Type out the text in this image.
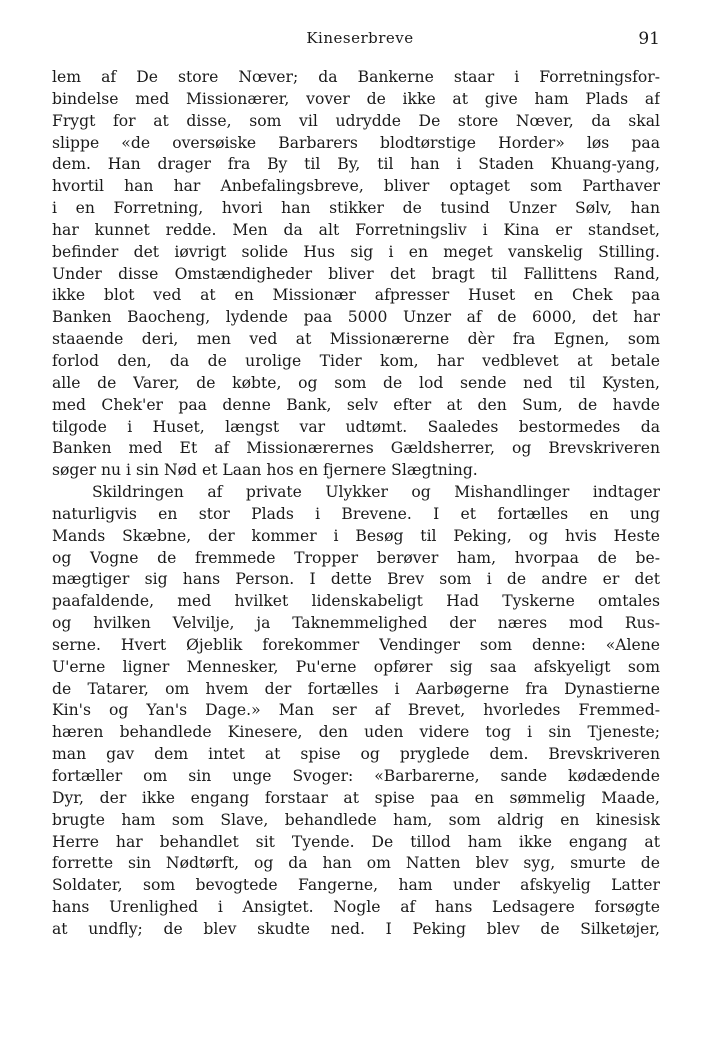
Kineserbreve	91
lem af De store Nœver; da Bankerne staar i Forretningsfor-
bindelse med Missionærer, vover de ikke at give ham Plads af
Frygt for at disse, som vil udrydde De store Nœver, da skal
slippe «de oversøiske Barbarers blodtørstige Horder» løs paa
dem. Han drager fra By til By, til han i Staden Khuang-yang,
hvortil han har Anbefalingsbreve, bliver optaget som Parthaver
i en Forretning, hvori han stikker de tusind Unzer Sølv, han
har kunnet redde. Men da alt Forretningsliv i Kina er standset,
befinder det iøvrigt solide Hus sig i en meget vanskelig Stilling.
Under disse Omstændigheder bliver det bragt til Fallittens Rand,
ikke blot ved at en Missionær afpresser Huset en Chek paa
Banken Baocheng, lydende paa 5000 Unzer af de 6000, det har
staaende deri, men ved at Missionærerne dèr fra Egnen, som
forlod den, da de urolige Tider kom, har vedblevet at betale
alle de Varer, de købte, og som de lod sende ned til Kysten,
med Chek'er paa denne Bank, selv efter at den Sum, de havde
tilgode i Huset, længst var udtømt. Saaledes bestormedes da
Banken med Et af Missionærernes Gældsherrer, og Brevskriveren
søger nu i sin Nød et Laan hos en fjernere Slægtning.
Skildringen af private Ulykker og Mishandlinger indtager
naturligvis en stor Plads i Brevene. I et fortælles en ung
Mands Skæbne, der kommer i Besøg til Peking, og hvis Heste
og Vogne de fremmede Tropper berøver ham, hvorpaa de be-
mægtiger sig hans Person. I dette Brev som i de andre er det
paafaldende, med hvilket lidenskabeligt Had Tyskerne omtales
og hvilken Velvilje, ja Taknemmelighed der næres mod Rus-
serne. Hvert Øjeblik forekommer Vendinger som denne: «Alene
U'erne ligner Mennesker, Pu'erne opfører sig saa afskyeligt som
de Tatarer, om hvem der fortælles i Aarbøgerne fra Dynastierne
Kin's og Yan's Dage.» Man ser af Brevet, hvorledes Fremmed-
hæren behandlede Kinesere, den uden videre tog i sin Tjeneste;
man gav dem intet at spise og pryglede dem. Brevskriveren
fortæller om sin unge Svoger: «Barbarerne, sande kødædende
Dyr, der ikke engang forstaar at spise paa en sømmelig Maade,
brugte ham som Slave, behandlede ham, som aldrig en kinesisk
Herre har behandlet sit Tyende. De tillod ham ikke engang at
forrette sin Nødtørft, og da han om Natten blev syg, smurte de
Soldater, som bevogtede Fangerne, ham under afskyelig Latter
hans Urenlighed i Ansigtet. Nogle af hans Ledsagere forsøgte
at undfly; de blev skudte ned. I Peking blev de Silketøjer,
